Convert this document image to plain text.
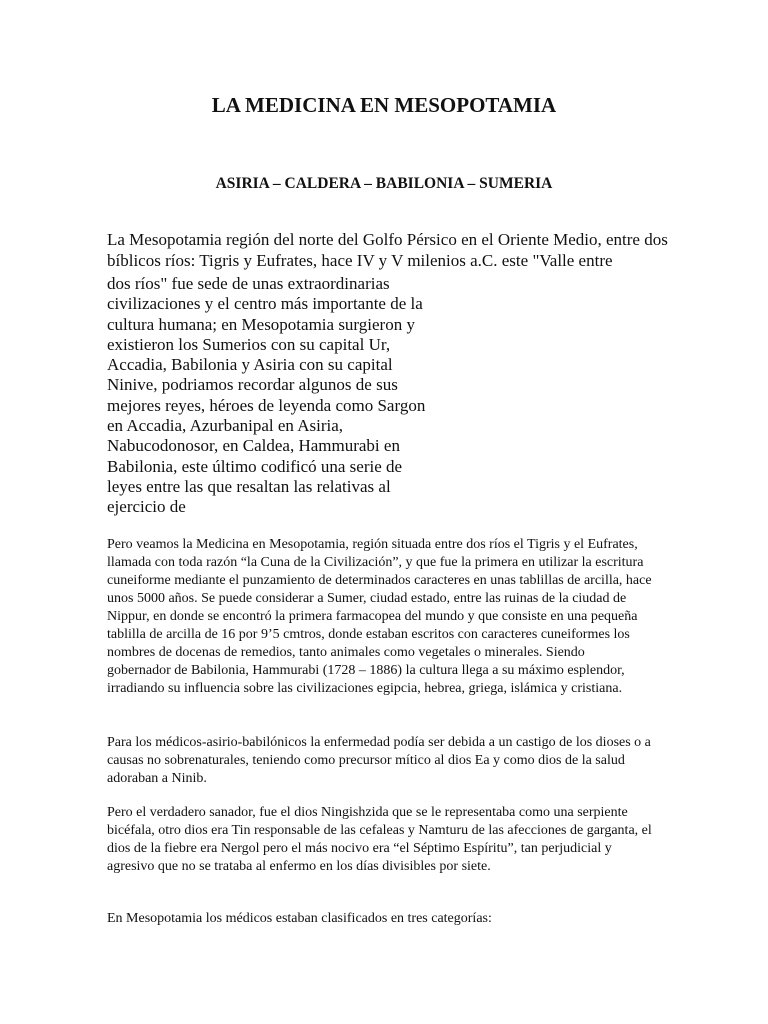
LA MEDICINA EN MESOPOTAMIA
ASIRIA – CALDERA – BABILONIA – SUMERIA

La Mesopotamia región del norte del Golfo Pérsico en el Oriente Medio, entre dos bíblicos ríos: Tigris y Eufrates, hace IV y V milenios a.C. este "Valle entre

dos ríos" fue sede de unas extraordinarias civilizaciones y el centro más importante de la cultura humana; en Mesopotamia surgieron y existieron los Sumerios con su capital Ur, Accadia, Babilonia y Asiria con su capital Ninive, podriamos recordar algunos de sus mejores reyes, héroes de leyenda como Sargon en Accadia, Azurbanipal en Asiria, Nabucodonosor, en Caldea, Hammurabi en Babilonia, este último codificó una serie de leyes entre las que resaltan las relativas al ejercicio de

Pero veamos la Medicina en Mesopotamia, región situada entre dos ríos el Tigris y el Eufrates, llamada con toda razón “la Cuna de la Civilización”, y que fue la primera en utilizar la escritura cuneiforme mediante el punzamiento de determinados caracteres en unas tablillas de arcilla, hace unos 5000 años. Se puede considerar a Sumer, ciudad estado, entre las ruinas de la ciudad de Nippur, en donde se encontró la primera farmacopea del mundo y que consiste en una pequeña tablilla de arcilla de 16 por 9’5 cmtros, donde estaban escritos con caracteres cuneiformes los nombres de docenas de remedios, tanto animales como vegetales o minerales. Siendo gobernador de Babilonia, Hammurabi (1728 – 1886) la cultura llega a su máximo esplendor, irradiando su influencia sobre las civilizaciones egipcia, hebrea, griega, islámica y cristiana.

Para los médicos-asirio-babilónicos la enfermedad podía ser debida a un castigo de los dioses o a causas no sobrenaturales, teniendo como precursor mítico al dios Ea y como dios de la salud adoraban a Ninib.

Pero el verdadero sanador, fue el dios Ningishzida que se le representaba como una serpiente bicéfala, otro dios era Tin responsable de las cefaleas y Namturu de las afecciones de garganta, el dios de la fiebre era Nergol pero el más nocivo era “el Séptimo Espíritu”, tan perjudicial y agresivo que no se trataba al enfermo en los días divisibles por siete.

En Mesopotamia los médicos estaban clasificados en tres categorías:
